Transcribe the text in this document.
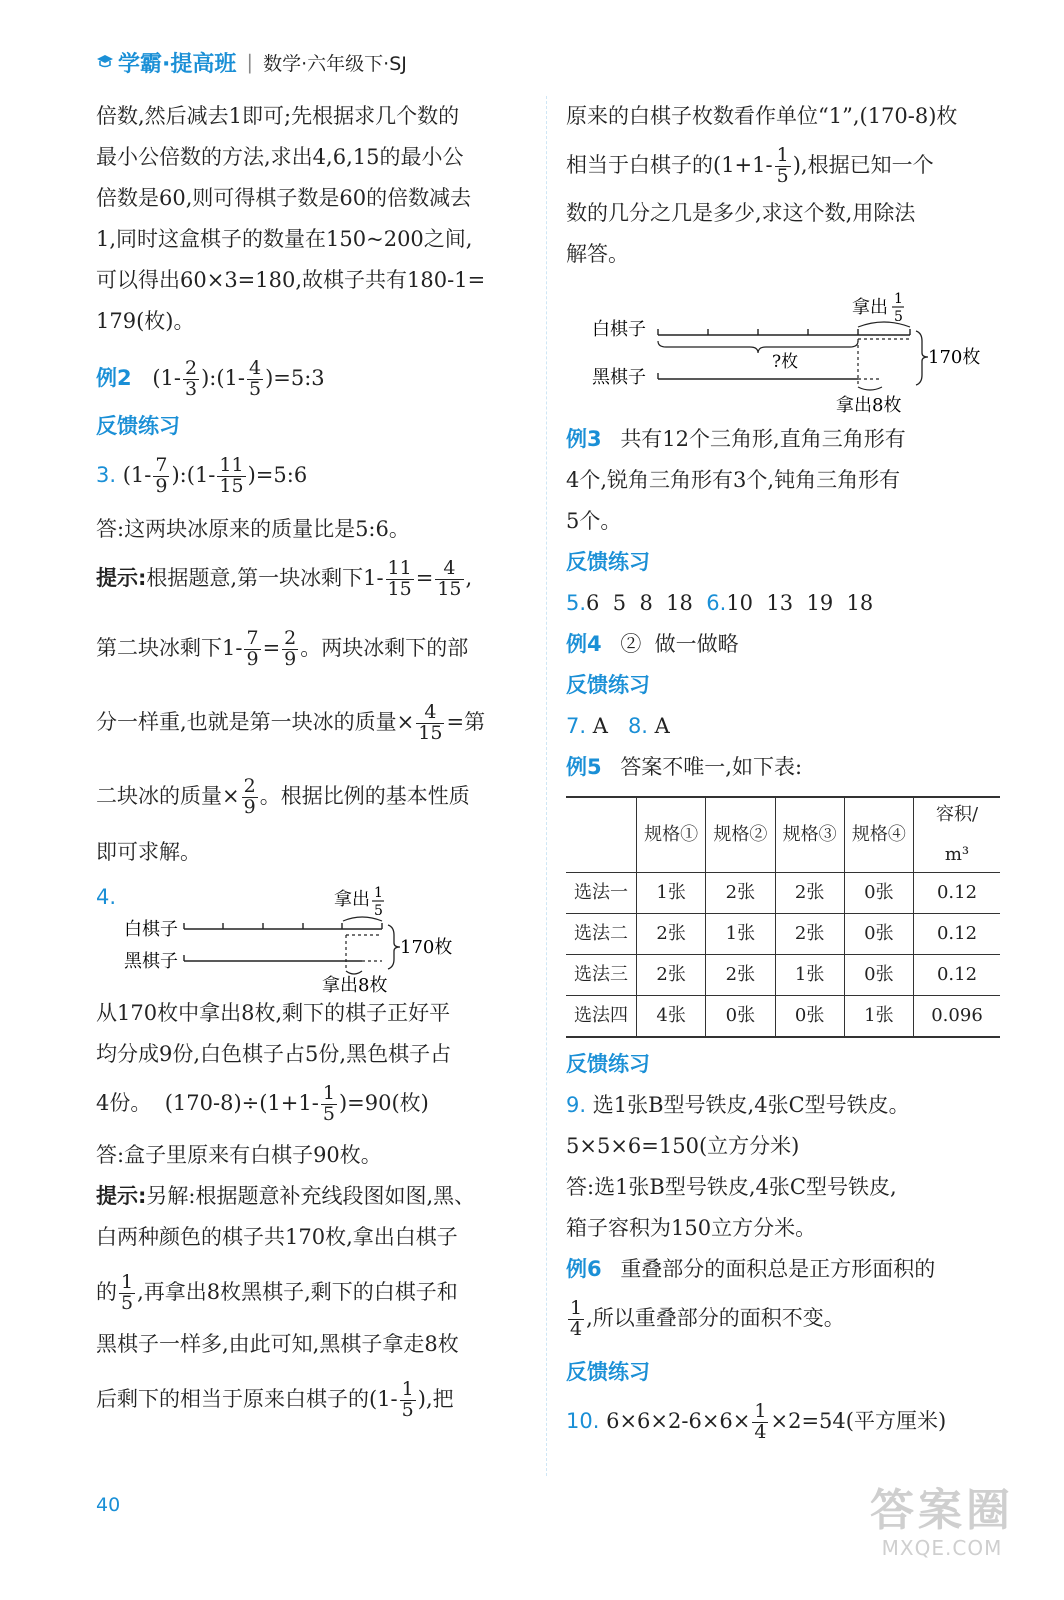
学霸·提高班 | 数学·六年级下·SJ

倍数,然后减去1即可;先根据求几个数的

最小公倍数的方法,求出4,6,15的最小公

倍数是60,则可得棋子数是60的倍数减去

1,同时这盒棋子的数量在150~200之间,

可以得出60×3=180,故棋子共有180-1=

179(枚)。

例2 ($1- \frac{2}{3}$ ):(1- $\frac{4}{5}$ )=5:3

反馈练习

3. ($1- \frac{7}{9}$ ):(1- $\frac{11}{15}$ )=5:6

答:这两块冰原来的质量比是5:6。

提示:根据题意,第一块冰剩下$1- \frac{11}{15} = \frac{4}{15}$ ,

第二块冰剩下$1- \frac{7}{9} = \frac{2}{9}$ 。两块冰剩下的部

分一样重,也就是第一块冰的质量× $\frac{4}{15}$ =第

二块冰的质量× $\frac{2}{9}$ 。根据比例的基本性质

即可求解。

4.
白棋子
黑棋子
拿出 1
5
拿出8枚
170枚

从170枚中拿出8枚,剩下的棋子正好平

均分成9份,白色棋子占5份,黑色棋子占

4份。  $(170-8)\div(1+1- \frac{1}{5} )=90$(枚)

答:盒子里原来有白棋子90枚。

提示:另解:根据题意补充线段图如图,黑、

白两种颜色的棋子共170枚,拿出白棋子

的 $\frac{1}{5}$ ,再拿出8枚黑棋子,剩下的白棋子和

黑棋子一样多,由此可知,黑棋子拿走8枚

后剩下的相当于原来白棋子的($1- \frac{1}{5}$ ),把

原来的白棋子枚数看作单位“1”,(170-8)枚

相当于白棋子的($1+1- \frac{1}{5}$ ),根据已知一个

数的几分之几是多少,求这个数,用除法

解答。

白棋子
黑棋子
拿出 1
5
?枚
拿出8枚
170枚

例3 共有12个三角形,直角三角形有

4个,锐角三角形有3个,钝角三角形有

5个。

反馈练习

5.6  5  8  18 6.10  13  19  18

例4 ②  做一做略

反馈练习

7. A 8. A

例5 答案不唯一,如下表:

	规格①	规格②	规格③	规格④	容积/

m³
选法一	1张	2张	2张	0张	0.12
选法二	2张	1张	2张	0张	0.12
选法三	2张	2张	1张	0张	0.12
选法四	4张	0张	0张	1张	0.096

反馈练习

9. 选1张B型号铁皮,4张C型号铁皮。

5×5×6=150(立方分米)

答:选1张B型号铁皮,4张C型号铁皮,

箱子容积为150立方分米。

例6 重叠部分的面积总是正方形面积的

$\frac{1}{4}$ ,所以重叠部分的面积不变。

反馈练习

10. $6\times 6\times 2-6\times 6\times \frac{1}{4} \times 2=54$(平方厘米)

40	答案圈
MXQE.COM
